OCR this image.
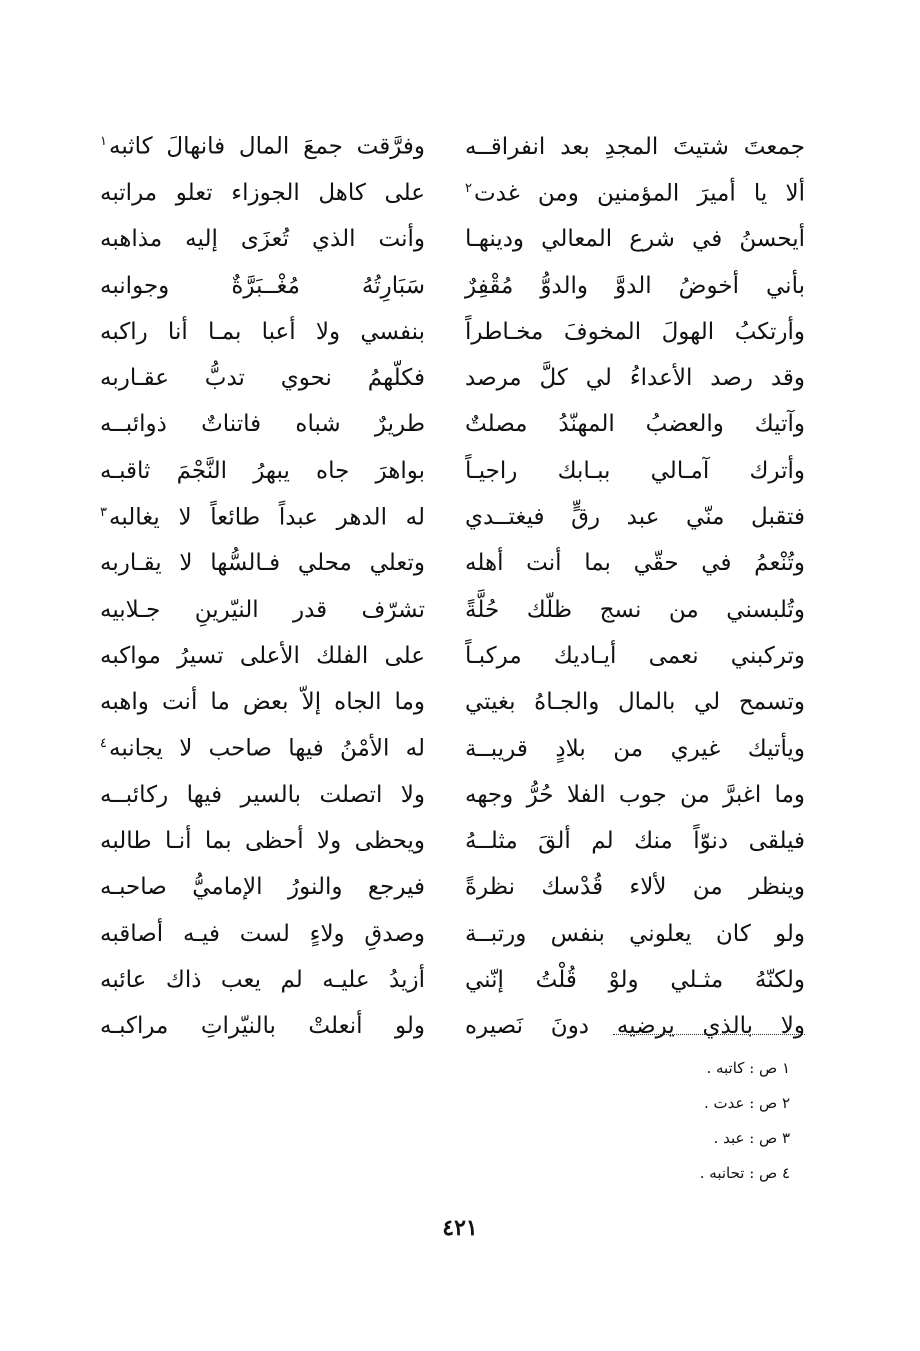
جمعتَ شتيتَ المجدِ بعد انفراقــه
وفرَّقت جمعَ المال فانهالَ كاثبه$^١$
ألا يا أميرَ المؤمنين ومن غدت$^٢$
على كاهل الجوزاء تعلو مراتبه
أيحسنُ في شرع المعالي ودينهـا
وأنت الذي تُعزَى إليه مذاهبه
بأني أخوضُ الدوَّ والدوُّ مُقْفِرٌ
سَبَارِتُهُ مُغْــبَرَّةٌ وجوانبه
وأرتكبُ الهولَ المخوفَ مخـاطراً
بنفسي ولا أعبا بمـا أنا راكبه
وقد رصد الأعداءُ لي كلَّ مرصد
فكلّهمُ نحوي تدبُّ عقـاربه
وآتيك والعضبُ المهنّدُ مصلتٌ
طريرٌ شباه فاتناتٌ ذوائبــه
وأترك آمـالي ببـابك راجيـاً
بواهرَ جاه يبهرُ النَّجْمَ ثاقبـه
فتقبل منّي عبد رقٍّ فيغتــدي
له الدهر عبداً طائعاً لا يغالبه$^٣$
وتُنْعمُ في حقّي بما أنت أهله
وتعلي محلي فـالسُّها لا يقـاربه
وتُلبسني من نسج ظلّك حُلَّةً
تشرّف قدر النيّرينِ جـلابيه
وتركبني نعمى أيـاديك مركبـاً
على الفلك الأعلى تسيرُ مواكبه
وتسمح لي بالمال والجـاهُ بغيتي
وما الجاه إلاّ بعض ما أنت واهبه
ويأتيك غيري من بلادٍ قريبــة
له الأمْنُ فيها صاحب لا يجانبه$^٤$
وما اغبرَّ من جوب الفلا حُرُّ وجهه
ولا اتصلت بالسير فيها ركائبــه
فيلقى دنوّاً منك لم ألقَ مثلــهُ
ويحظى ولا أحظى بما أنـا طالبه
وينظر من لألاء قُدْسك نظرةً
فيرجع والنورُ الإماميُّ صاحبـه
ولو كان يعلوني بنفس ورتبــة
وصدقِ ولاءٍ لست فيـه أصاقبه
ولكنّهُ مثـلي ولوْ قُلْتُ إنّني
أزيدُ عليـه لم يعب ذاك عائبه
ولا بالذي يرضيه دونَ نَصيره
ولو أنعلتْ بالنيّراتِ مراكبـه
١ ص : كاتبه .
٢ ص : عدت .
٣ ص : عبد .
٤ ص : تحانبه .
٤٢١
